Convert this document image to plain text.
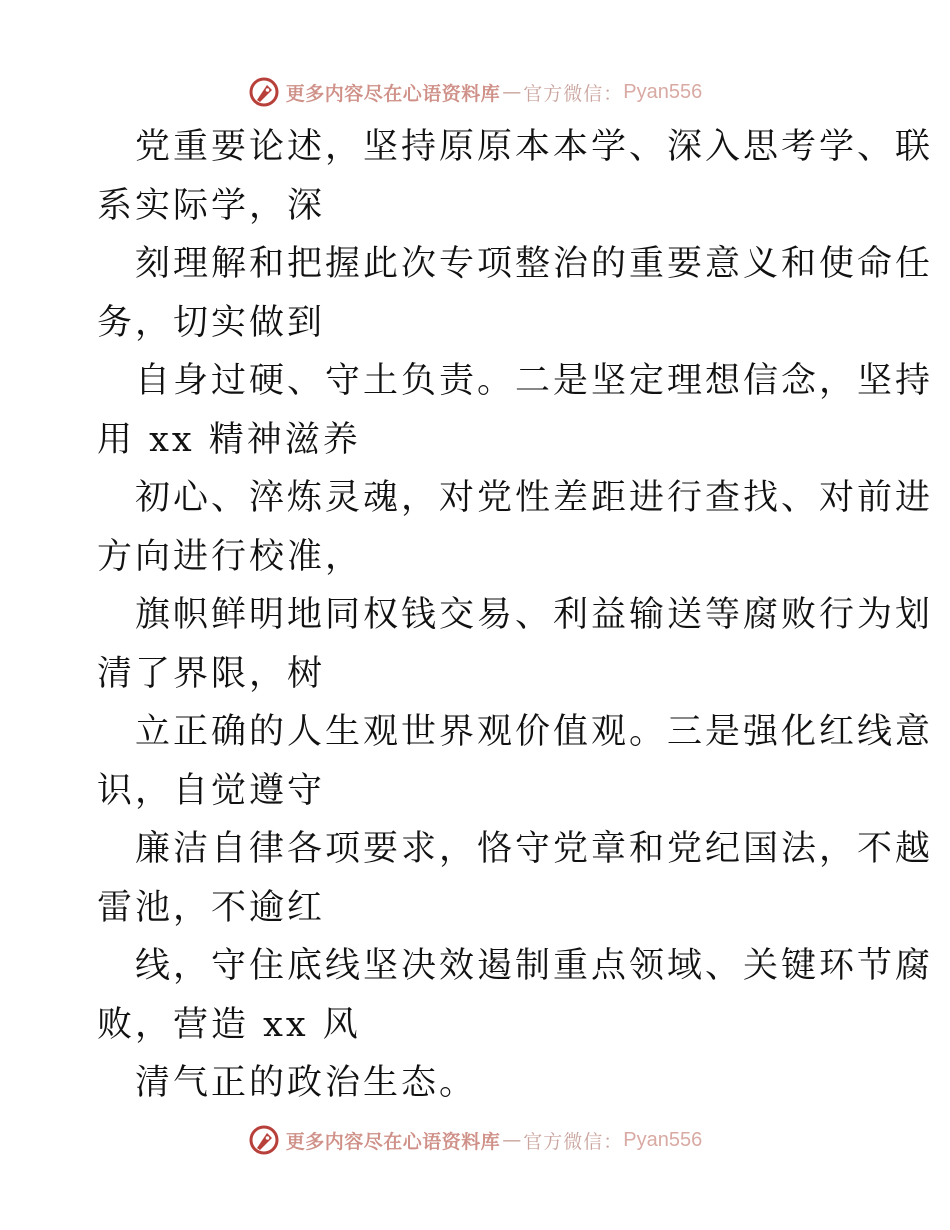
更多内容尽在心语资料库 — 官方微信： Pyan556
党重要论述，坚持原原本本学、深入思考学、联
系实际学，深
刻理解和把握此次专项整治的重要意义和使命任
务，切实做到
自身过硬、守土负责。二是坚定理想信念，坚持
用 xx 精神滋养
初心、淬炼灵魂，对党性差距进行查找、对前进
方向进行校准，
旗帜鲜明地同权钱交易、利益输送等腐败行为划
清了界限，树
立正确的人生观世界观价值观。三是强化红线意
识，自觉遵守
廉洁自律各项要求，恪守党章和党纪国法，不越
雷池，不逾红
线，守住底线坚决效遏制重点领域、关键环节腐
败，营造 xx 风
清气正的政治生态。
更多内容尽在心语资料库 — 官方微信： Pyan556
